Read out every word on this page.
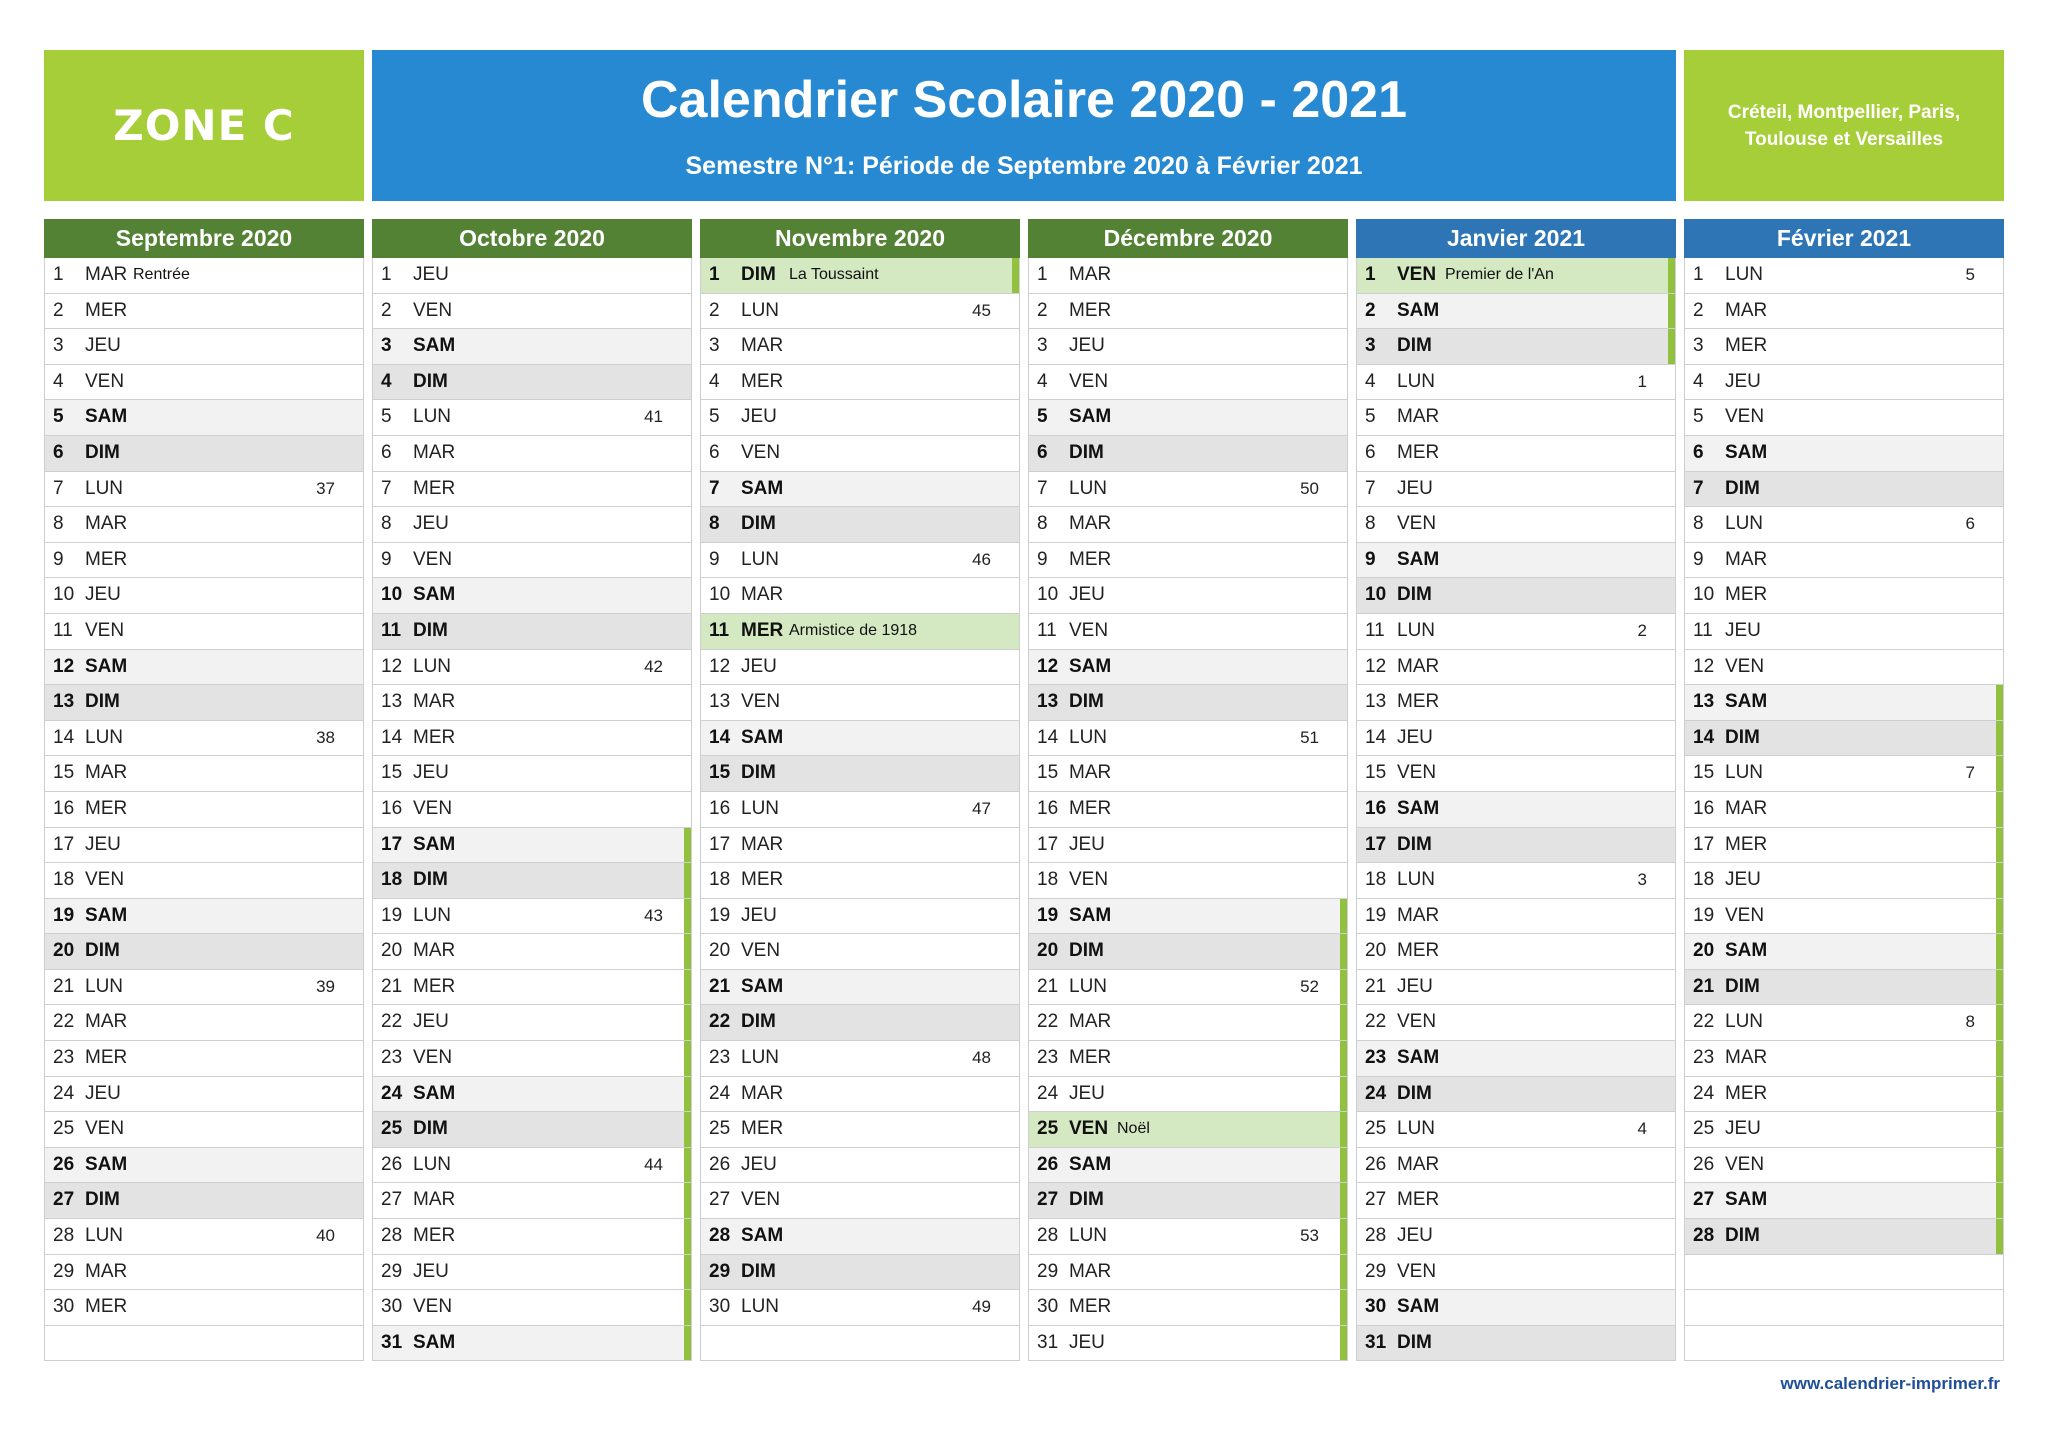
ZONE C	Calendrier Scolaire 2020 - 2021
Semestre N°1: Période de Septembre 2020 à Février 2021
Créteil, Montpellier, Paris,
Toulouse et Versailles
Septembre 2020
1 MAR Rentrée
2 MER
3 JEU
4 VEN
5 SAM
6 DIM
7 LUN	37
8 MAR
9 MER
10 JEU
11 VEN
12 SAM
13 DIM
14 LUN	38
15 MAR
16 MER
17 JEU
18 VEN
19 SAM
20 DIM
21 LUN	39
22 MAR
23 MER
24 JEU
25 VEN
26 SAM
27 DIM
28 LUN	40
29 MAR
30 MER
Octobre 2020
1 JEU
2 VEN
3 SAM
4 DIM
5 LUN	41
6 MAR
7 MER
8 JEU
9 VEN
10 SAM
11 DIM
12 LUN	42
13 MAR
14 MER
15 JEU
16 VEN
17 SAM
18 DIM
19 LUN	43
20 MAR
21 MER
22 JEU
23 VEN
24 SAM
25 DIM
26 LUN	44
27 MAR
28 MER
29 JEU
30 VEN
31 SAM
Novembre 2020
1 DIM La Toussaint
2 LUN	45
3 MAR
4 MER
5 JEU
6 VEN
7 SAM
8 DIM
9 LUN	46
10 MAR
11 MER Armistice de 1918
12 JEU
13 VEN
14 SAM
15 DIM
16 LUN	47
17 MAR
18 MER
19 JEU
20 VEN
21 SAM
22 DIM
23 LUN	48
24 MAR
25 MER
26 JEU
27 VEN
28 SAM
29 DIM
30 LUN	49
Décembre 2020
1 MAR
2 MER
3 JEU
4 VEN
5 SAM
6 DIM
7 LUN	50
8 MAR
9 MER
10 JEU
11 VEN
12 SAM
13 DIM
14 LUN	51
15 MAR
16 MER
17 JEU
18 VEN
19 SAM
20 DIM
21 LUN	52
22 MAR
23 MER
24 JEU
25 VEN Noël
26 SAM
27 DIM
28 LUN	53
29 MAR
30 MER
31 JEU
Janvier 2021
1 VEN Premier de l'An
2 SAM
3 DIM
4 LUN	1
5 MAR
6 MER
7 JEU
8 VEN
9 SAM
10 DIM
11 LUN	2
12 MAR
13 MER
14 JEU
15 VEN
16 SAM
17 DIM
18 LUN	3
19 MAR
20 MER
21 JEU
22 VEN
23 SAM
24 DIM
25 LUN	4
26 MAR
27 MER
28 JEU
29 VEN
30 SAM
31 DIM
Février 2021
1 LUN	5
2 MAR
3 MER
4 JEU
5 VEN
6 SAM
7 DIM
8 LUN	6
9 MAR
10 MER
11 JEU
12 VEN
13 SAM
14 DIM
15 LUN	7
16 MAR
17 MER
18 JEU
19 VEN
20 SAM
21 DIM
22 LUN	8
23 MAR
24 MER
25 JEU
26 VEN
27 SAM
28 DIM
www.calendrier-imprimer.fr
